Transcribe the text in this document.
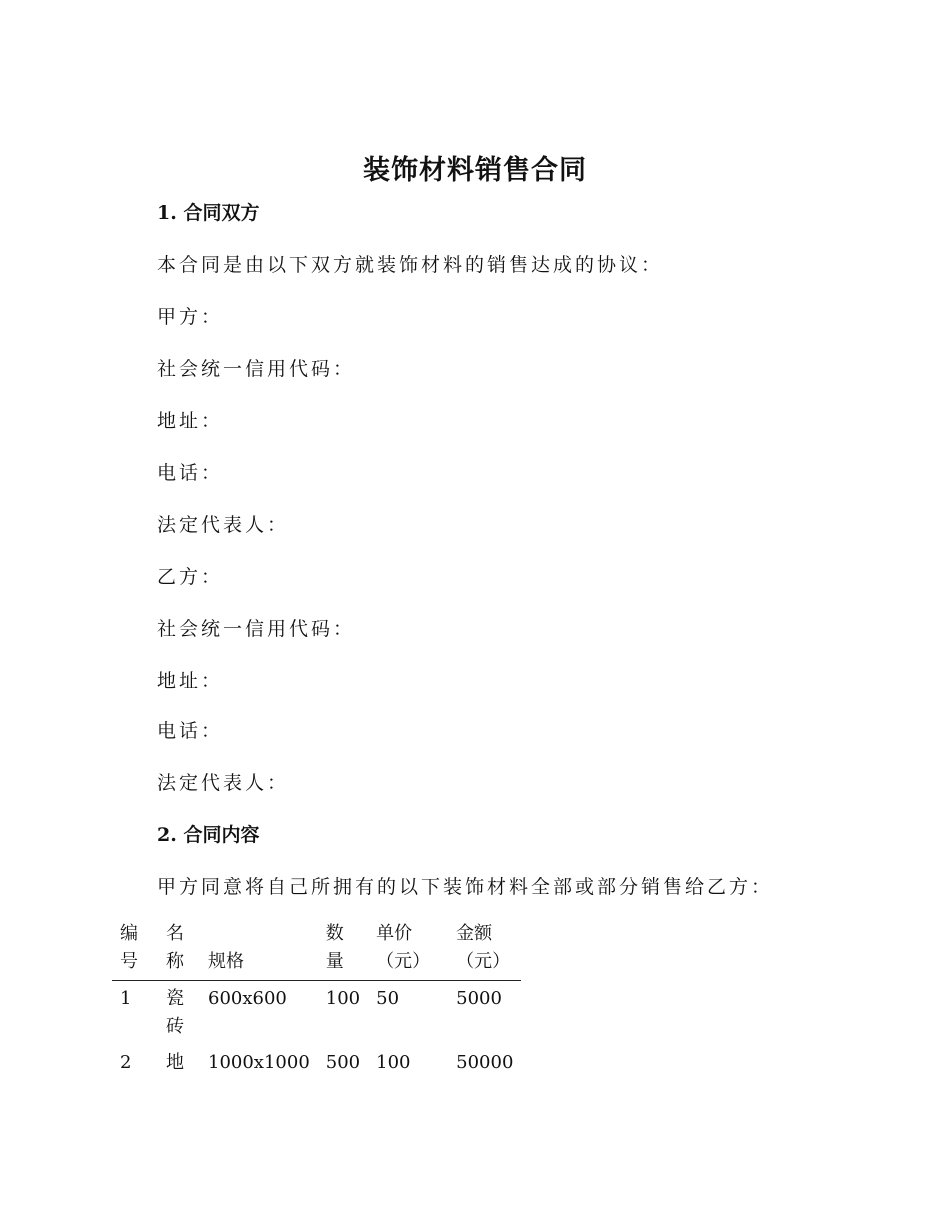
装饰材料销售合同
1. 合同双方
本合同是由以下双方就装饰材料的销售达成的协议：
甲方：
社会统一信用代码：
地址：
电话：
法定代表人：
乙方：
社会统一信用代码：
地址：
电话：
法定代表人：
2. 合同内容
甲方同意将自己所拥有的以下装饰材料全部或部分销售给乙方：
编号	名称	规格	数量	单价（元）	金额（元）
1	瓷砖	600x600	100	50	5000
2	地	1000x1000	500	100	50000
